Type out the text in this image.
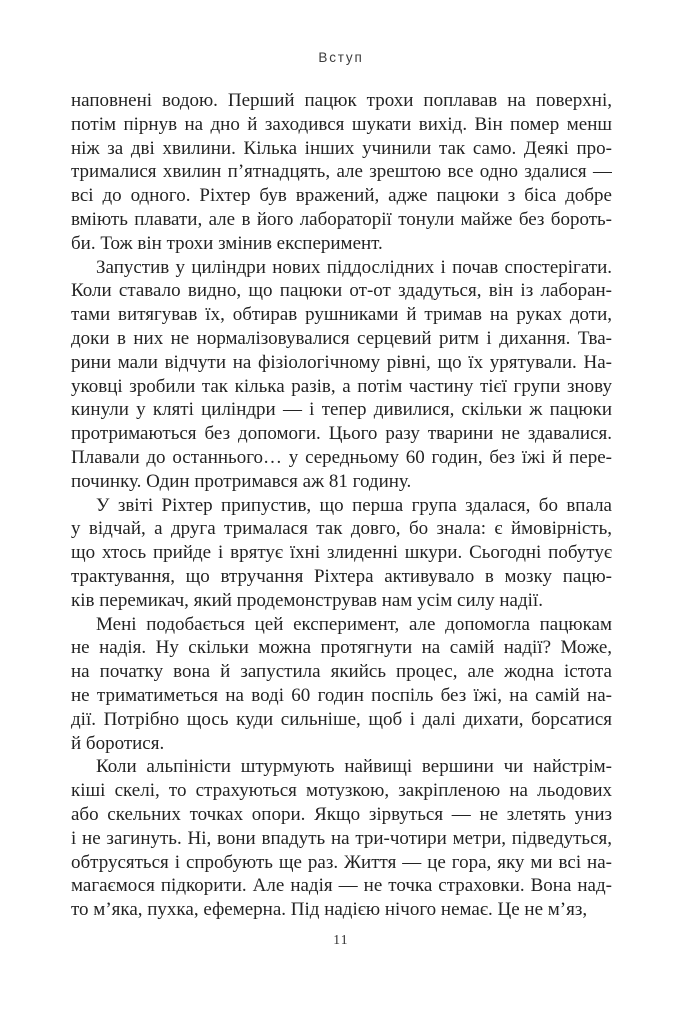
Вступ
наповнені водою. Перший пацюк трохи поплавав на поверхні,
потім пірнув на дно й заходився шукати вихід. Він помер менш
ніж за дві хвилини. Кілька інших учинили так само. Деякі про-
трималися хвилин п’ятнадцять, але зрештою все одно здалися —
всі до одного. Ріхтер був вражений, адже пацюки з біса добре
вміють плавати, але в його лабораторії тонули майже без бороть-
би. Тож він трохи змінив експеримент.
Запустив у циліндри нових піддослідних і почав спостерігати.
Коли ставало видно, що пацюки от-от здадуться, він із лаборан-
тами витягував їх, обтирав рушниками й тримав на руках доти,
доки в них не нормалізовувалися серцевий ритм і дихання. Тва-
рини мали відчути на фізіологічному рівні, що їх урятували. На-
уковці зробили так кілька разів, а потім частину тієї групи знову
кинули у кляті циліндри — і тепер дивилися, скільки ж пацюки
протримаються без допомоги. Цього разу тварини не здавалися.
Плавали до останнього… у середньому 60 годин, без їжі й пере-
починку. Один протримався аж 81 годину.
У звіті Ріхтер припустив, що перша група здалася, бо впала
у відчай, а друга трималася так довго, бо знала: є ймовірність,
що хтось прийде і врятує їхні злиденні шкури. Сьогодні побутує
трактування, що втручання Ріхтера активувало в мозку пацю-
ків перемикач, який продемонстрував нам усім силу надії.
Мені подобається цей експеримент, але допомогла пацюкам
не надія. Ну скільки можна протягнути на самій надії? Може,
на початку вона й запустила якийсь процес, але жодна істота
не триматиметься на воді 60 годин поспіль без їжі, на самій на-
дії. Потрібно щось куди сильніше, щоб і далі дихати, борсатися
й боротися.
Коли альпіністи штурмують найвищі вершини чи найстрім-
кіші скелі, то страхуються мотузкою, закріпленою на льодових
або скельних точках опори. Якщо зірвуться — не злетять униз
і не загинуть. Ні, вони впадуть на три-чотири метри, підведуться,
обтрусяться і спробують ще раз. Життя — це гора, яку ми всі на-
магаємося підкорити. Але надія — не точка страховки. Вона над-
то м’яка, пухка, ефемерна. Під надією нічого немає. Це не м’яз,
11
